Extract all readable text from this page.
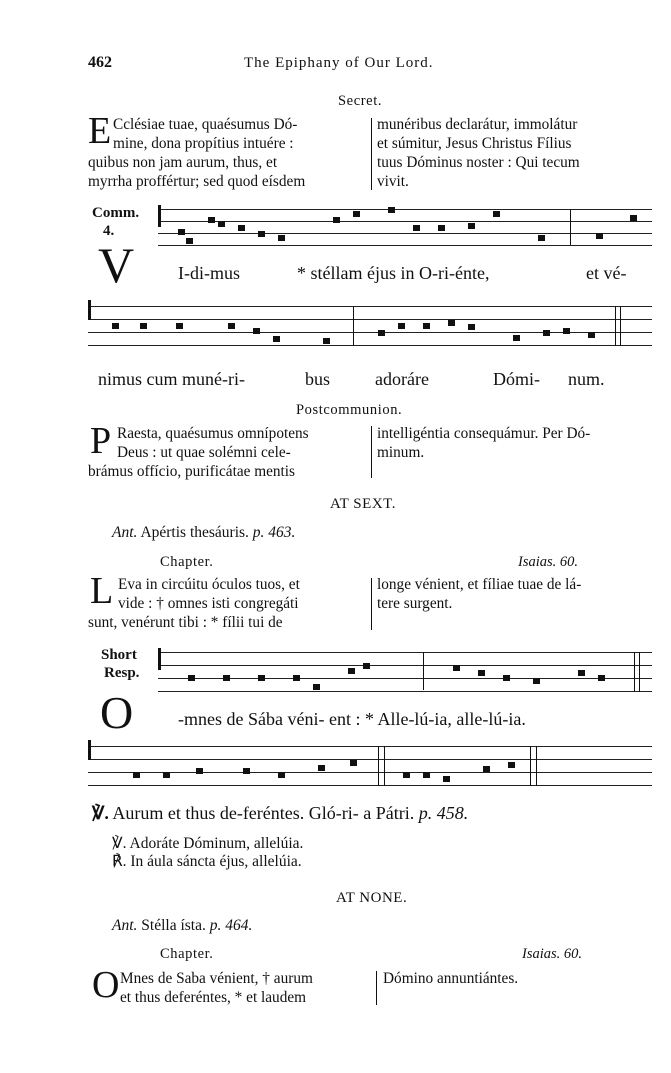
462	The Epiphany of Our Lord.
Secret.
E Cclésiae tuae, quaésumus Dó-

mine, dona propítius intuére :

quibus non jam aurum, thus, et

myrrha proffértur; sed quod eísdem

munéribus declarátur, immolátur

et súmitur, Jesus Christus Fílius

tuus Dóminus noster : Qui tecum

vivit.

Comm.
4.
V I-di-mus	* stéllam éjus in O-ri-énte,	et vé-
nimus cum muné-ri-	bus adoráre	Dómi- num.
Postcommunion.
P Raesta, quaésumus omnípotens

Deus : ut quae solémni cele-

brámus offício, purificátae mentis

intelligéntia consequámur. Per Dó-

minum.

AT SEXT.
Ant. Apértis thesáuris. p. 463.
Chapter.	Isaias. 60.
L Eva in circúitu óculos tuos, et

vide : † omnes isti congregáti

sunt, venérunt tibi : * fílii tui de

longe vénient, et fíliae tuae de lá-

tere surgent.

Short
Resp.
O -mnes de Sába véni- ent : * Alle-lú-ia, alle-lú-ia.
℣. Aurum et thus de-feréntes. Gló-ri- a Pátri. p. 458.
℣. Adoráte Dóminum, allelúia.
℟. In áula sáncta éjus, allelúia.
AT NONE.
Ant. Stélla ísta. p. 464.
Chapter.	Isaias. 60.
O Mnes de Saba vénient, † aurum

et thus deferéntes, * et laudem

Dómino annuntiántes.
